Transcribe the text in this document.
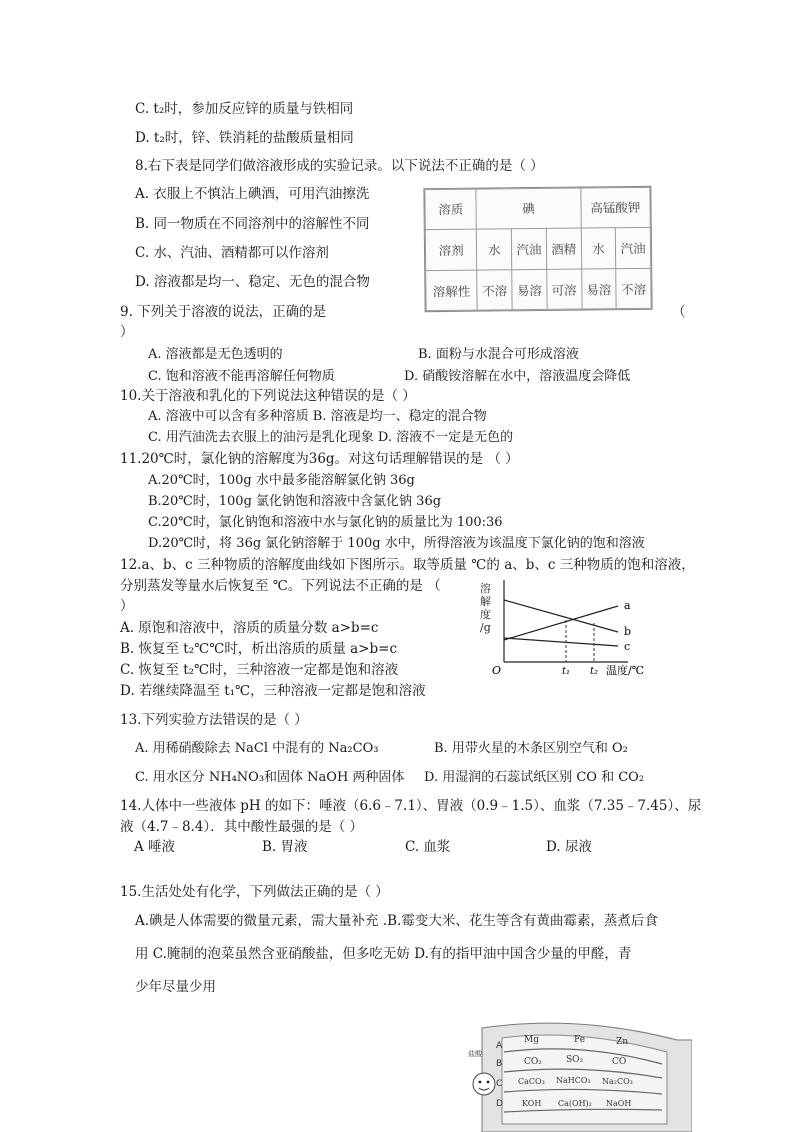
C. t₂时，参加反应锌的质量与铁相同
D. t₂时，锌、铁消耗的盐酸质量相同
8.右下表是同学们做溶液形成的实验记录。以下说法不正确的是（ ）
A. 衣服上不慎沾上碘酒，可用汽油擦洗
B. 同一物质在不同溶剂中的溶解性不同
C. 水、汽油、酒精都可以作溶剂
D. 溶液都是均一、稳定、无色的混合物
溶质	碘			高锰酸钾	
溶剂	水	汽油	酒精	水	汽油
溶解性	不溶	易溶	可溶	易溶	不溶
9. 下列关于溶液的说法，正确的是	（
）
A. 溶液都是无色透明的	B. 面粉与水混合可形成溶液
C. 饱和溶液不能再溶解任何物质	D. 硝酸铵溶解在水中，溶液温度会降低
10.关于溶液和乳化的下列说法这种错误的是（ ）
A. 溶液中可以含有多种溶质 B. 溶液是均一、稳定的混合物
C. 用汽油洗去衣服上的油污是乳化现象 D. 溶液不一定是无色的
11.20℃时，氯化钠的溶解度为36g。对这句话理解错误的是 （ ）
A.20℃时，100g 水中最多能溶解氯化钠 36g
B.20℃时，100g 氯化钠饱和溶液中含氯化钠 36g
C.20℃时，氯化钠饱和溶液中水与氯化钠的质量比为 100:36
D.20℃时，将 36g 氯化钠溶解于 100g 水中，所得溶液为该温度下氯化钠的饱和溶液
12.a、b、c 三种物质的溶解度曲线如下图所示。取等质量 ℃的 a、b、c 三种物质的饱和溶液，
分别蒸发等量水后恢复至 ℃。下列说法不正确的是 （
）
A. 原饱和溶液中，溶质的质量分数 a>b=c
B. 恢复至 t₂℃℃时，析出溶质的质量 a>b=c
C. 恢复至 t₂℃时，三种溶液一定都是饱和溶液
D. 若继续降温至 t₁℃，三种溶液一定都是饱和溶液
溶
解
度
/g
a
b
c
O	t₁ t₂ 温度/℃
13.下列实验方法错误的是（ ）
A. 用稀硝酸除去 NaCl 中混有的 Na₂CO₃	B. 用带火星的木条区别空气和 O₂
C. 用水区分 NH₄NO₃和固体 NaOH 两种固体 D. 用湿润的石蕊试纸区别 CO 和 CO₂
14.人体中一些液体 pH 的如下：唾液（6.6﹣7.1）、胃液（0.9﹣1.5）、血浆（7.35﹣7.45）、尿
液（4.7﹣8.4）．其中酸性最强的是（ ）
A 唾液	B. 胃液	C. 血浆	D. 尿液
15.生活处处有化学，下列做法正确的是（ ）
A.碘是人体需要的微量元素，需大量补充 .B.霉变大米、花生等含有黄曲霉素，蒸煮后食
用 C.腌制的泡菜虽然含亚硝酸盐，但多吃无妨 D.有的指甲油中国含少量的甲醛，青
少年尽量少用
盐酸
A
B
C
D
Mg	Fe	Zn
CO₂	SO₂	CO
CaCO₃ NaHCO₃ Na₂CO₃
KOH Ca(OH)₂ NaOH
